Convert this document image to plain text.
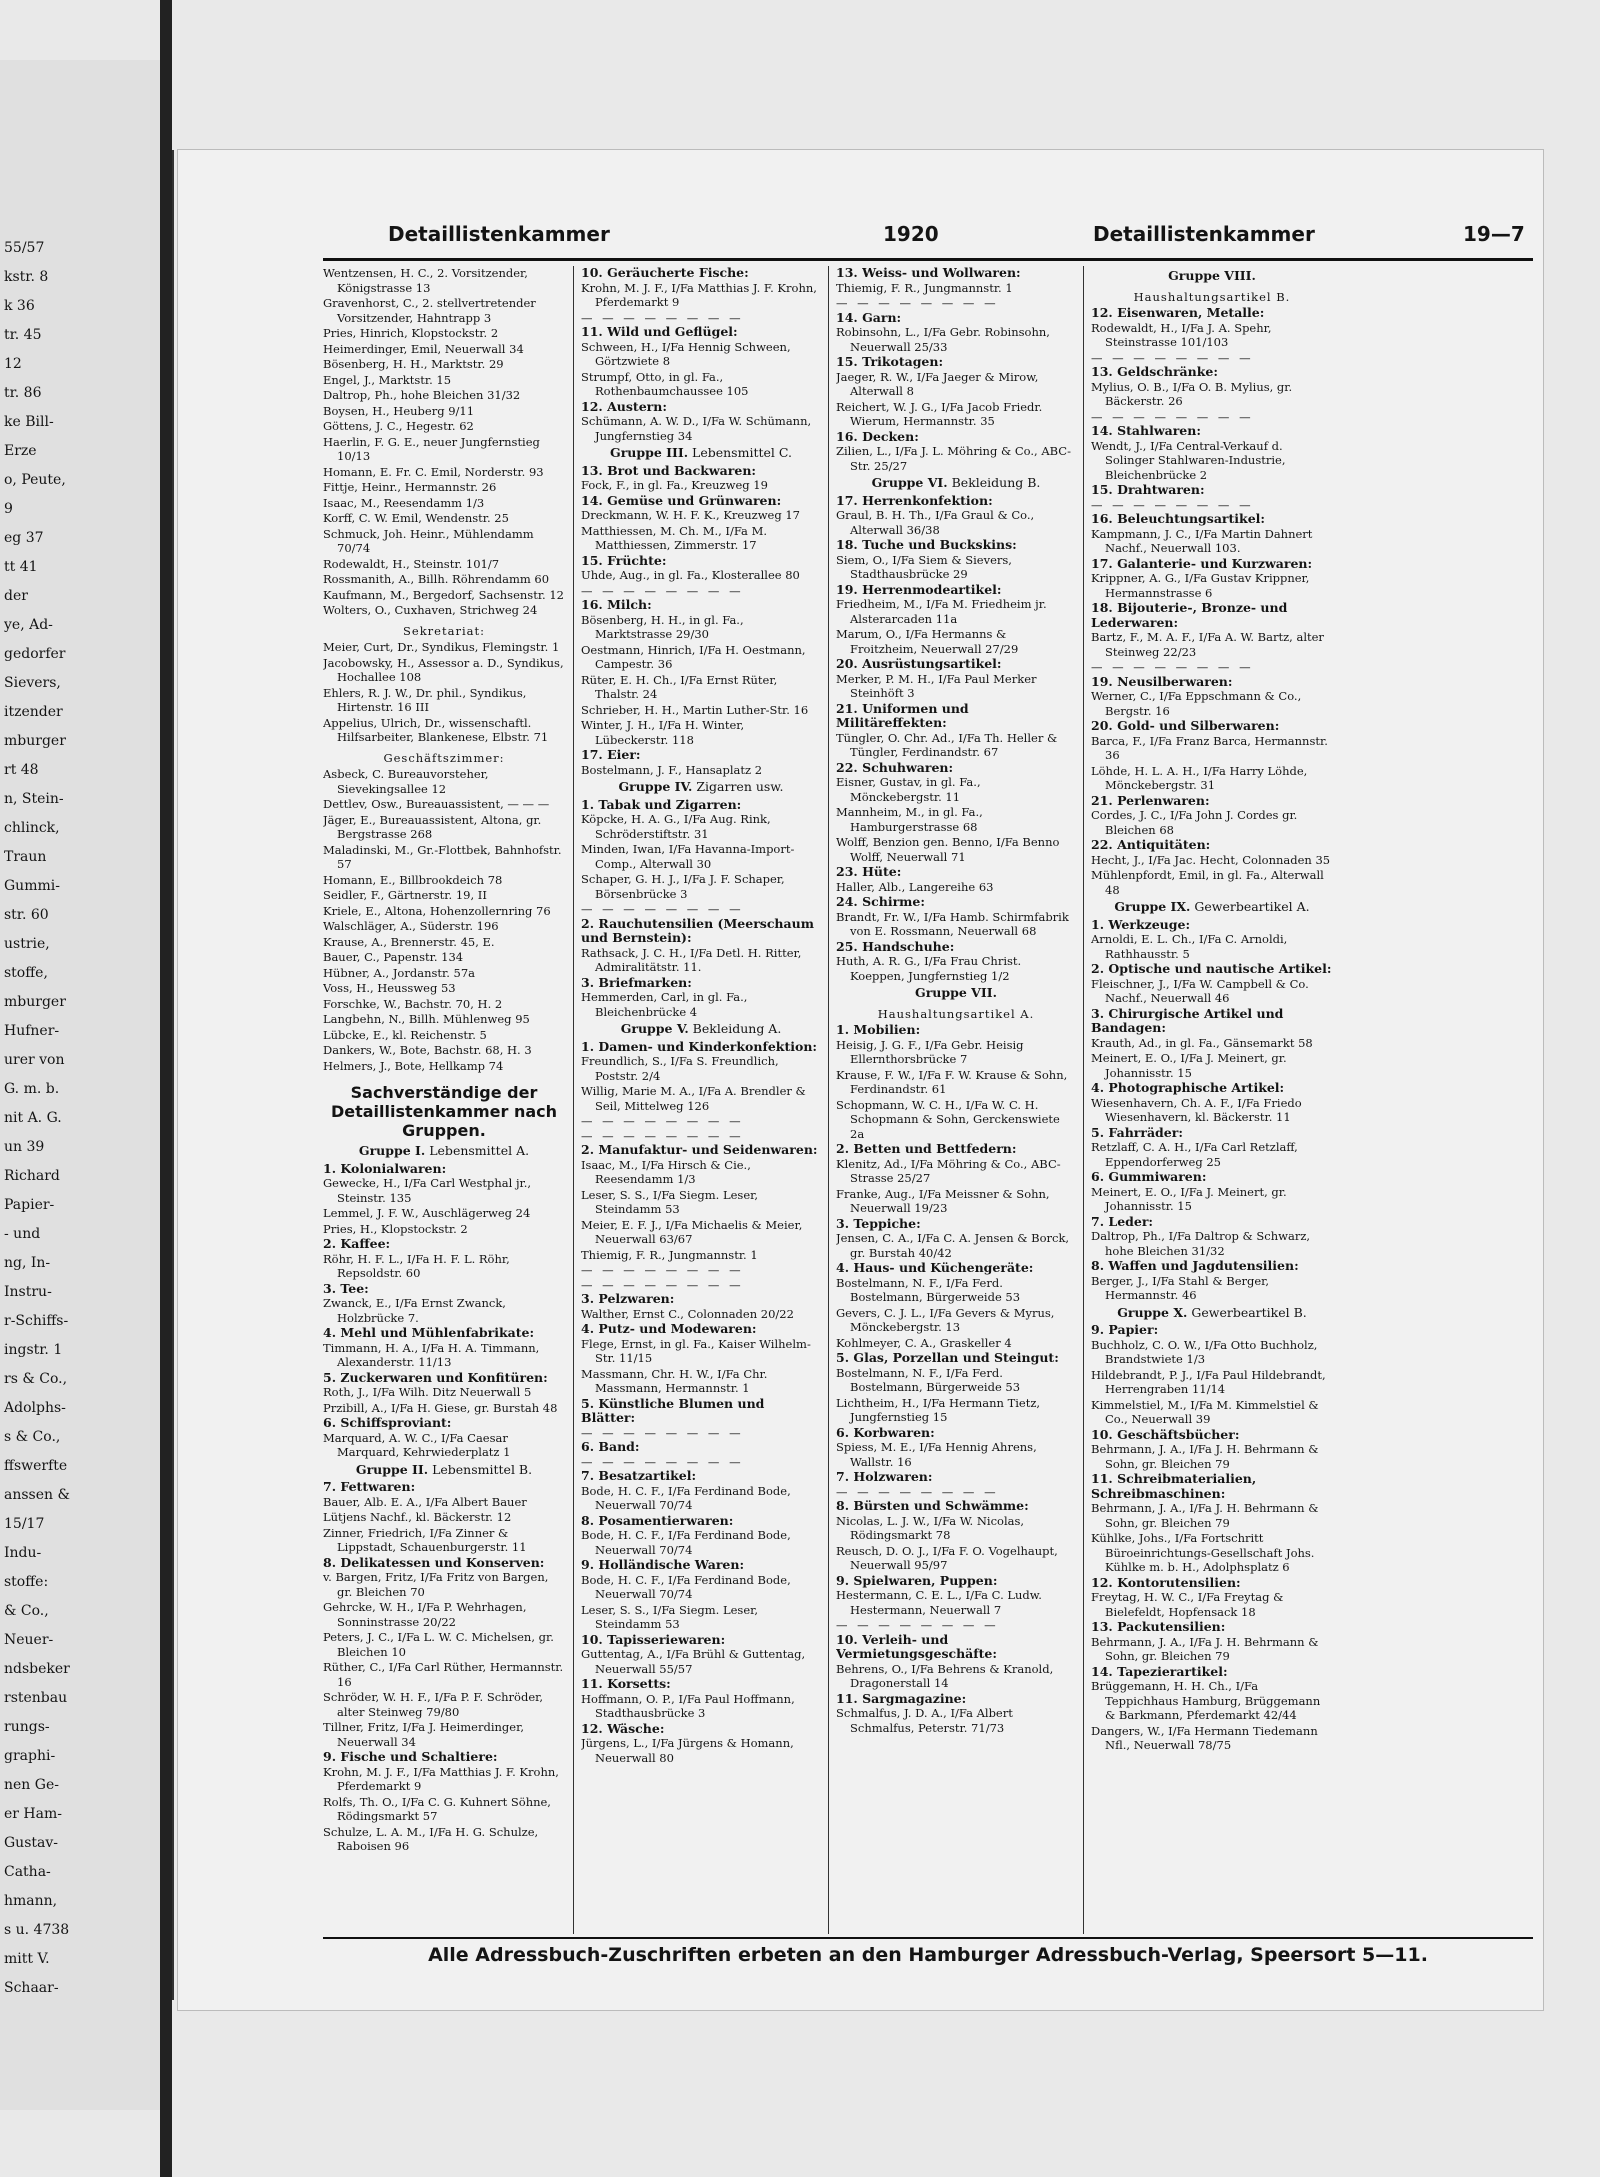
55/57
kstr. 8
k 36
tr. 45
12
tr. 86
ke Bill-
Erze
o, Peute,
9
eg 37
tt 41
der
ye, Ad-
gedorfer
Sievers,
itzender
mburger
rt 48
n, Stein-
chlinck,
Traun
Gummi-
str. 60
ustrie,
stoffe,
mburger
Hufner-
urer von
G. m. b.
nit A. G.
un 39
Richard
Papier-
- und
ng, In-
Instru-
r-Schiffs-
ingstr. 1
rs & Co.,
Adolphs-
s & Co.,
ffswerfte
anssen &
15/17
Indu-
stoffe:
& Co.,
Neuer-
ndsbeker
rstenbau
rungs-
graphi-
nen Ge-
er Ham-
Gustav-
Catha-
hmann,
s u. 4738
mitt V.
Schaar-
Detaillistenkammer	1920	Detaillistenkammer	19—7
Wentzensen, H. C., 2. Vorsitzender, Königstrasse 13
Gravenhorst, C., 2. stellvertretender Vorsitzender, Hahntrapp 3
Pries, Hinrich, Klopstockstr. 2
Heimerdinger, Emil, Neuerwall 34
Bösenberg, H. H., Marktstr. 29
Engel, J., Marktstr. 15
Daltrop, Ph., hohe Bleichen 31/32
Boysen, H., Heuberg 9/11
Göttens, J. C., Hegestr. 62
Haerlin, F. G. E., neuer Jungfernstieg 10/13
Homann, E. Fr. C. Emil, Norderstr. 93
Fittje, Heinr., Hermannstr. 26
Isaac, M., Reesendamm 1/3
Korff, C. W. Emil, Wendenstr. 25
Schmuck, Joh. Heinr., Mühlendamm 70/74
Rodewaldt, H., Steinstr. 101/7
Rossmanith, A., Billh. Röhrendamm 60
Kaufmann, M., Bergedorf, Sachsenstr. 12
Wolters, O., Cuxhaven, Strichweg 24
Sekretariat:
Meier, Curt, Dr., Syndikus, Flemingstr. 1
Jacobowsky, H., Assessor a. D., Syndikus, Hochallee 108
Ehlers, R. J. W., Dr. phil., Syndikus, Hirtenstr. 16 III
Appelius, Ulrich, Dr., wissenschaftl. Hilfsarbeiter, Blankenese, Elbstr. 71
Geschäftszimmer:
Asbeck, C. Bureauvorsteher, Sievekingsallee 12
Dettlev, Osw., Bureauassistent, — — —
Jäger, E., Bureauassistent, Altona, gr. Bergstrasse 268
Maladinski, M., Gr.-Flottbek, Bahnhofstr. 57
Homann, E., Billbrookdeich 78
Seidler, F., Gärtnerstr. 19, II
Kriele, E., Altona, Hohenzollernring 76
Walschläger, A., Süderstr. 196
Krause, A., Brennerstr. 45, E.
Bauer, C., Papenstr. 134
Hübner, A., Jordanstr. 57a
Voss, H., Heussweg 53
Forschke, W., Bachstr. 70, H. 2
Langbehn, N., Billh. Mühlenweg 95
Lübcke, E., kl. Reichenstr. 5
Dankers, W., Bote, Bachstr. 68, H. 3
Helmers, J., Bote, Hellkamp 74
Sachverständige der Detaillistenkammer nach Gruppen.
Gruppe I. Lebensmittel A.
1. Kolonialwaren:
Gewecke, H., I/Fa Carl Westphal jr., Steinstr. 135
Lemmel, J. F. W., Auschlägerweg 24
Pries, H., Klopstockstr. 2
2. Kaffee:
Röhr, H. F. L., I/Fa H. F. L. Röhr, Repsoldstr. 60
3. Tee:
Zwanck, E., I/Fa Ernst Zwanck, Holzbrücke 7.
4. Mehl und Mühlenfabrikate:
Timmann, H. A., I/Fa H. A. Timmann, Alexanderstr. 11/13
5. Zuckerwaren und Konfitüren:
Roth, J., I/Fa Wilh. Ditz Neuerwall 5
Przibill, A., I/Fa H. Giese, gr. Burstah 48
6. Schiffsproviant:
Marquard, A. W. C., I/Fa Caesar Marquard, Kehrwiederplatz 1
Gruppe II. Lebensmittel B.
7. Fettwaren:
Bauer, Alb. E. A., I/Fa Albert Bauer
Lütjens Nachf., kl. Bäckerstr. 12
Zinner, Friedrich, I/Fa Zinner & Lippstadt, Schauenburgerstr. 11
8. Delikatessen und Konserven:
v. Bargen, Fritz, I/Fa Fritz von Bargen, gr. Bleichen 70
Gehrcke, W. H., I/Fa P. Wehrhagen, Sonninstrasse 20/22
Peters, J. C., I/Fa L. W. C. Michelsen, gr. Bleichen 10
Rüther, C., I/Fa Carl Rüther, Hermannstr. 16
Schröder, W. H. F., I/Fa P. F. Schröder, alter Steinweg 79/80
Tillner, Fritz, I/Fa J. Heimerdinger, Neuerwall 34
9. Fische und Schaltiere:
Krohn, M. J. F., I/Fa Matthias J. F. Krohn, Pferdemarkt 9
Rolfs, Th. O., I/Fa C. G. Kuhnert Söhne, Rödingsmarkt 57
Schulze, L. A. M., I/Fa H. G. Schulze, Raboisen 96
10. Geräucherte Fische:
Krohn, M. J. F., I/Fa Matthias J. F. Krohn, Pferdemarkt 9
— — — — — — — —
11. Wild und Geflügel:
Schween, H., I/Fa Hennig Schween, Görtzwiete 8
Strumpf, Otto, in gl. Fa., Rothenbaumchaussee 105
12. Austern:
Schümann, A. W. D., I/Fa W. Schümann, Jungfernstieg 34
Gruppe III. Lebensmittel C.
13. Brot und Backwaren:
Fock, F., in gl. Fa., Kreuzweg 19
14. Gemüse und Grünwaren:
Dreckmann, W. H. F. K., Kreuzweg 17
Matthiessen, M. Ch. M., I/Fa M. Matthiessen, Zimmerstr. 17
15. Früchte:
Uhde, Aug., in gl. Fa., Klosterallee 80
— — — — — — — —
16. Milch:
Bösenberg, H. H., in gl. Fa., Marktstrasse 29/30
Oestmann, Hinrich, I/Fa H. Oestmann, Campestr. 36
Rüter, E. H. Ch., I/Fa Ernst Rüter, Thalstr. 24
Schrieber, H. H., Martin Luther-Str. 16
Winter, J. H., I/Fa H. Winter, Lübeckerstr. 118
17. Eier:
Bostelmann, J. F., Hansaplatz 2
Gruppe IV. Zigarren usw.
1. Tabak und Zigarren:
Köpcke, H. A. G., I/Fa Aug. Rink, Schröderstiftstr. 31
Minden, Iwan, I/Fa Havanna-Import-Comp., Alterwall 30
Schaper, G. H. J., I/Fa J. F. Schaper, Börsenbrücke 3
— — — — — — — —
2. Rauchutensilien (Meerschaum und Bernstein):
Rathsack, J. C. H., I/Fa Detl. H. Ritter, Admiralitätstr. 11.
3. Briefmarken:
Hemmerden, Carl, in gl. Fa., Bleichenbrücke 4
Gruppe V. Bekleidung A.
1. Damen- und Kinderkonfektion:
Freundlich, S., I/Fa S. Freundlich, Poststr. 2/4
Willig, Marie M. A., I/Fa A. Brendler & Seil, Mittelweg 126
— — — — — — — —
— — — — — — — —
2. Manufaktur- und Seidenwaren:
Isaac, M., I/Fa Hirsch & Cie., Reesendamm 1/3
Leser, S. S., I/Fa Siegm. Leser, Steindamm 53
Meier, E. F. J., I/Fa Michaelis & Meier, Neuerwall 63/67
Thiemig, F. R., Jungmannstr. 1
— — — — — — — —
— — — — — — — —
3. Pelzwaren:
Walther, Ernst C., Colonnaden 20/22
4. Putz- und Modewaren:
Flege, Ernst, in gl. Fa., Kaiser Wilhelm-Str. 11/15
Massmann, Chr. H. W., I/Fa Chr. Massmann, Hermannstr. 1
5. Künstliche Blumen und Blätter:
— — — — — — — —
6. Band:
— — — — — — — —
7. Besatzartikel:
Bode, H. C. F., I/Fa Ferdinand Bode, Neuerwall 70/74
8. Posamentierwaren:
Bode, H. C. F., I/Fa Ferdinand Bode, Neuerwall 70/74
9. Holländische Waren:
Bode, H. C. F., I/Fa Ferdinand Bode, Neuerwall 70/74
Leser, S. S., I/Fa Siegm. Leser, Steindamm 53
10. Tapisseriewaren:
Guttentag, A., I/Fa Brühl & Guttentag, Neuerwall 55/57
11. Korsetts:
Hoffmann, O. P., I/Fa Paul Hoffmann, Stadthausbrücke 3
12. Wäsche:
Jürgens, L., I/Fa Jürgens & Homann, Neuerwall 80
13. Weiss- und Wollwaren:
Thiemig, F. R., Jungmannstr. 1
— — — — — — — —
14. Garn:
Robinsohn, L., I/Fa Gebr. Robinsohn, Neuerwall 25/33
15. Trikotagen:
Jaeger, R. W., I/Fa Jaeger & Mirow, Alterwall 8
Reichert, W. J. G., I/Fa Jacob Friedr. Wierum, Hermannstr. 35
16. Decken:
Zilien, L., I/Fa J. L. Möhring & Co., ABC-Str. 25/27
Gruppe VI. Bekleidung B.
17. Herrenkonfektion:
Graul, B. H. Th., I/Fa Graul & Co., Alterwall 36/38
18. Tuche und Buckskins:
Siem, O., I/Fa Siem & Sievers, Stadthausbrücke 29
19. Herrenmodeartikel:
Friedheim, M., I/Fa M. Friedheim jr. Alsterarcaden 11a
Marum, O., I/Fa Hermanns & Froitzheim, Neuerwall 27/29
20. Ausrüstungsartikel:
Merker, P. M. H., I/Fa Paul Merker Steinhöft 3
21. Uniformen und Militäreffekten:
Tüngler, O. Chr. Ad., I/Fa Th. Heller & Tüngler, Ferdinandstr. 67
22. Schuhwaren:
Eisner, Gustav, in gl. Fa., Mönckebergstr. 11
Mannheim, M., in gl. Fa., Hamburgerstrasse 68
Wolff, Benzion gen. Benno, I/Fa Benno Wolff, Neuerwall 71
23. Hüte:
Haller, Alb., Langereihe 63
24. Schirme:
Brandt, Fr. W., I/Fa Hamb. Schirmfabrik von E. Rossmann, Neuerwall 68
25. Handschuhe:
Huth, A. R. G., I/Fa Frau Christ. Koeppen, Jungfernstieg 1/2
Gruppe VII.
Haushaltungsartikel A.
1. Mobilien:
Heisig, J. G. F., I/Fa Gebr. Heisig Ellernthorsbrücke 7
Krause, F. W., I/Fa F. W. Krause & Sohn, Ferdinandstr. 61
Schopmann, W. C. H., I/Fa W. C. H. Schopmann & Sohn, Gerckenswiete 2a
2. Betten und Bettfedern:
Klenitz, Ad., I/Fa Möhring & Co., ABC-Strasse 25/27
Franke, Aug., I/Fa Meissner & Sohn, Neuerwall 19/23
3. Teppiche:
Jensen, C. A., I/Fa C. A. Jensen & Borck, gr. Burstah 40/42
4. Haus- und Küchengeräte:
Bostelmann, N. F., I/Fa Ferd. Bostelmann, Bürgerweide 53
Gevers, C. J. L., I/Fa Gevers & Myrus, Mönckebergstr. 13
Kohlmeyer, C. A., Graskeller 4
5. Glas, Porzellan und Steingut:
Bostelmann, N. F., I/Fa Ferd. Bostelmann, Bürgerweide 53
Lichtheim, H., I/Fa Hermann Tietz, Jungfernstieg 15
6. Korbwaren:
Spiess, M. E., I/Fa Hennig Ahrens, Wallstr. 16
7. Holzwaren:
— — — — — — — —
8. Bürsten und Schwämme:
Nicolas, L. J. W., I/Fa W. Nicolas, Rödingsmarkt 78
Reusch, D. O. J., I/Fa F. O. Vogelhaupt, Neuerwall 95/97
9. Spielwaren, Puppen:
Hestermann, C. E. L., I/Fa C. Ludw. Hestermann, Neuerwall 7
— — — — — — — —
10. Verleih- und Vermietungsgeschäfte:
Behrens, O., I/Fa Behrens & Kranold, Dragonerstall 14
11. Sargmagazine:
Schmalfus, J. D. A., I/Fa Albert Schmalfus, Peterstr. 71/73
Gruppe VIII.
Haushaltungsartikel B.
12. Eisenwaren, Metalle:
Rodewaldt, H., I/Fa J. A. Spehr, Steinstrasse 101/103
— — — — — — — —
13. Geldschränke:
Mylius, O. B., I/Fa O. B. Mylius, gr. Bäckerstr. 26
— — — — — — — —
14. Stahlwaren:
Wendt, J., I/Fa Central-Verkauf d. Solinger Stahlwaren-Industrie, Bleichenbrücke 2
15. Drahtwaren:
— — — — — — — —
16. Beleuchtungsartikel:
Kampmann, J. C., I/Fa Martin Dahnert Nachf., Neuerwall 103.
17. Galanterie- und Kurzwaren:
Krippner, A. G., I/Fa Gustav Krippner, Hermannstrasse 6
18. Bijouterie-, Bronze- und Lederwaren:
Bartz, F., M. A. F., I/Fa A. W. Bartz, alter Steinweg 22/23
— — — — — — — —
19. Neusilberwaren:
Werner, C., I/Fa Eppschmann & Co., Bergstr. 16
20. Gold- und Silberwaren:
Barca, F., I/Fa Franz Barca, Hermannstr. 36
Löhde, H. L. A. H., I/Fa Harry Löhde, Mönckebergstr. 31
21. Perlenwaren:
Cordes, J. C., I/Fa John J. Cordes gr. Bleichen 68
22. Antiquitäten:
Hecht, J., I/Fa Jac. Hecht, Colonnaden 35
Mühlenpfordt, Emil, in gl. Fa., Alterwall 48
Gruppe IX. Gewerbeartikel A.
1. Werkzeuge:
Arnoldi, E. L. Ch., I/Fa C. Arnoldi, Rathhausstr. 5
2. Optische und nautische Artikel:
Fleischner, J., I/Fa W. Campbell & Co. Nachf., Neuerwall 46
3. Chirurgische Artikel und Bandagen:
Krauth, Ad., in gl. Fa., Gänsemarkt 58
Meinert, E. O., I/Fa J. Meinert, gr. Johannisstr. 15
4. Photographische Artikel:
Wiesenhavern, Ch. A. F., I/Fa Friedo Wiesenhavern, kl. Bäckerstr. 11
5. Fahrräder:
Retzlaff, C. A. H., I/Fa Carl Retzlaff, Eppendorferweg 25
6. Gummiwaren:
Meinert, E. O., I/Fa J. Meinert, gr. Johannisstr. 15
7. Leder:
Daltrop, Ph., I/Fa Daltrop & Schwarz, hohe Bleichen 31/32
8. Waffen und Jagdutensilien:
Berger, J., I/Fa Stahl & Berger, Hermannstr. 46
Gruppe X. Gewerbeartikel B.
9. Papier:
Buchholz, C. O. W., I/Fa Otto Buchholz, Brandstwiete 1/3
Hildebrandt, P. J., I/Fa Paul Hildebrandt, Herrengraben 11/14
Kimmelstiel, M., I/Fa M. Kimmelstiel & Co., Neuerwall 39
10. Geschäftsbücher:
Behrmann, J. A., I/Fa J. H. Behrmann & Sohn, gr. Bleichen 79
11. Schreibmaterialien, Schreibmaschinen:
Behrmann, J. A., I/Fa J. H. Behrmann & Sohn, gr. Bleichen 79
Kühlke, Johs., I/Fa Fortschritt Büroeinrichtungs-Gesellschaft Johs. Kühlke m. b. H., Adolphsplatz 6
12. Kontorutensilien:
Freytag, H. W. C., I/Fa Freytag & Bielefeldt, Hopfensack 18
13. Packutensilien:
Behrmann, J. A., I/Fa J. H. Behrmann & Sohn, gr. Bleichen 79
14. Tapezierartikel:
Brüggemann, H. H. Ch., I/Fa Teppichhaus Hamburg, Brüggemann & Barkmann, Pferdemarkt 42/44
Dangers, W., I/Fa Hermann Tiedemann Nfl., Neuerwall 78/75
Alle Adressbuch-Zuschriften erbeten an den Hamburger Adressbuch-Verlag, Speersort 5—11.
